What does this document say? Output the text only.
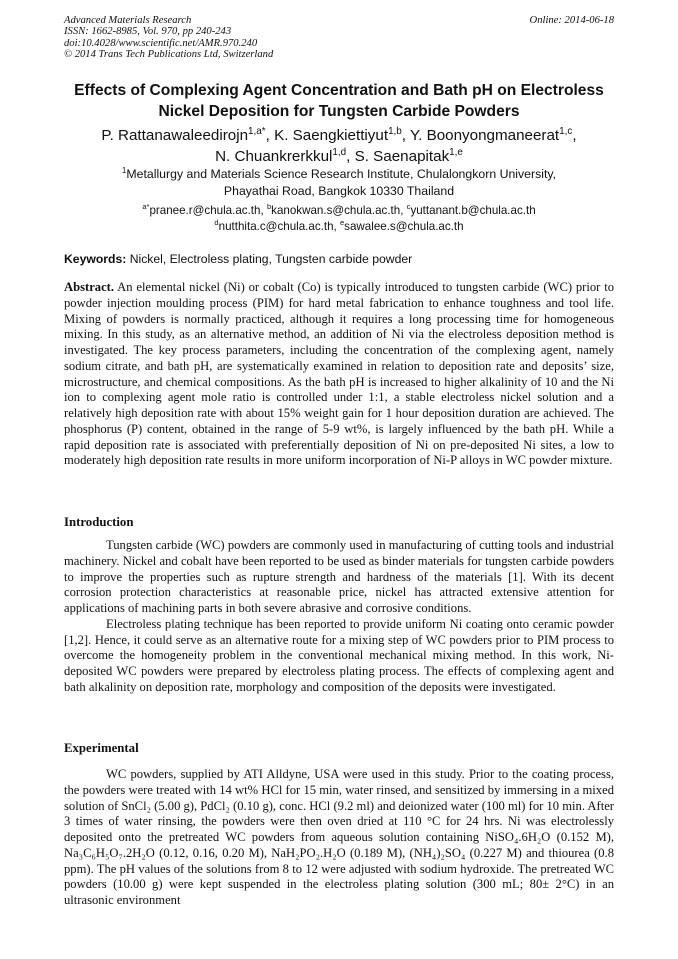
Advanced Materials Research
ISSN: 1662-8985, Vol. 970, pp 240-243
doi:10.4028/www.scientific.net/AMR.970.240
© 2014 Trans Tech Publications Ltd, Switzerland
Online: 2014-06-18
Effects of Complexing Agent Concentration and Bath pH on Electroless
Nickel Deposition for Tungsten Carbide Powders
P. Rattanawaleedirojn$^{1,a*}$, K. Saengkiettiyut$^{1,b}$, Y. Boonyongmaneerat$^{1,c}$,
N. Chuankrerkkul$^{1,d}$, S. Saenapitak$^{1,e}$
$^1$Metallurgy and Materials Science Research Institute, Chulalongkorn University,
Phayathai Road, Bangkok 10330 Thailand
$^{a*}$pranee.r@chula.ac.th, $^b$kanokwan.s@chula.ac.th, $^c$yuttanant.b@chula.ac.th
$^d$nutthita.c@chula.ac.th, $^e$sawalee.s@chula.ac.th
Keywords: Nickel, Electroless plating, Tungsten carbide powder

Abstract. An elemental nickel (Ni) or cobalt (Co) is typically introduced to tungsten carbide (WC) prior to powder injection moulding process (PIM) for hard metal fabrication to enhance toughness and tool life. Mixing of powders is normally practiced, although it requires a long processing time for homogeneous mixing. In this study, as an alternative method, an addition of Ni via the electroless deposition method is investigated. The key process parameters, including the concentration of the complexing agent, namely sodium citrate, and bath pH, are systematically examined in relation to deposition rate and deposits’ size, microstructure, and chemical compositions. As the bath pH is increased to higher alkalinity of 10 and the Ni ion to complexing agent mole ratio is controlled under 1:1, a stable electroless nickel solution and a relatively high deposition rate with about 15% weight gain for 1 hour deposition duration are achieved. The phosphorus (P) content, obtained in the range of 5-9 wt%, is largely influenced by the bath pH. While a rapid deposition rate is associated with preferentially deposition of Ni on pre-deposited Ni sites, a low to moderately high deposition rate results in more uniform incorporation of Ni-P alloys in WC powder mixture.

Introduction

Tungsten carbide (WC) powders are commonly used in manufacturing of cutting tools and industrial machinery. Nickel and cobalt have been reported to be used as binder materials for tungsten carbide powders to improve the properties such as rupture strength and hardness of the materials [1]. With its decent corrosion protection characteristics at reasonable price, nickel has attracted extensive attention for applications of machining parts in both severe abrasive and corrosive conditions.

Electroless plating technique has been reported to provide uniform Ni coating onto ceramic powder [1,2]. Hence, it could serve as an alternative route for a mixing step of WC powders prior to PIM process to overcome the homogeneity problem in the conventional mechanical mixing method. In this work, Ni-deposited WC powders were prepared by electroless plating process. The effects of complexing agent and bath alkalinity on deposition rate, morphology and composition of the deposits were investigated.

Experimental

WC powders, supplied by ATI Alldyne, USA were used in this study. Prior to the coating process, the powders were treated with 14 wt% HCl for 15 min, water rinsed, and sensitized by immersing in a mixed solution of SnCl₂ (5.00 g), PdCl₂ (0.10 g), conc. HCl (9.2 ml) and deionized water (100 ml) for 10 min. After 3 times of water rinsing, the powders were then oven dried at 110 °C for 24 hrs. Ni was electrolessly deposited onto the pretreated WC powders from aqueous solution containing NiSO₄.6H₂O (0.152 M), Na₃C₆H₅O₇.2H₂O (0.12, 0.16, 0.20 M), NaH₂PO₂.H₂O (0.189 M), (NH₄)₂SO₄ (0.227 M) and thiourea (0.8 ppm). The pH values of the solutions from 8 to 12 were adjusted with sodium hydroxide. The pretreated WC powders (10.00 g) were kept suspended in the electroless plating solution (300 mL; 80± 2°C) in an ultrasonic environment
